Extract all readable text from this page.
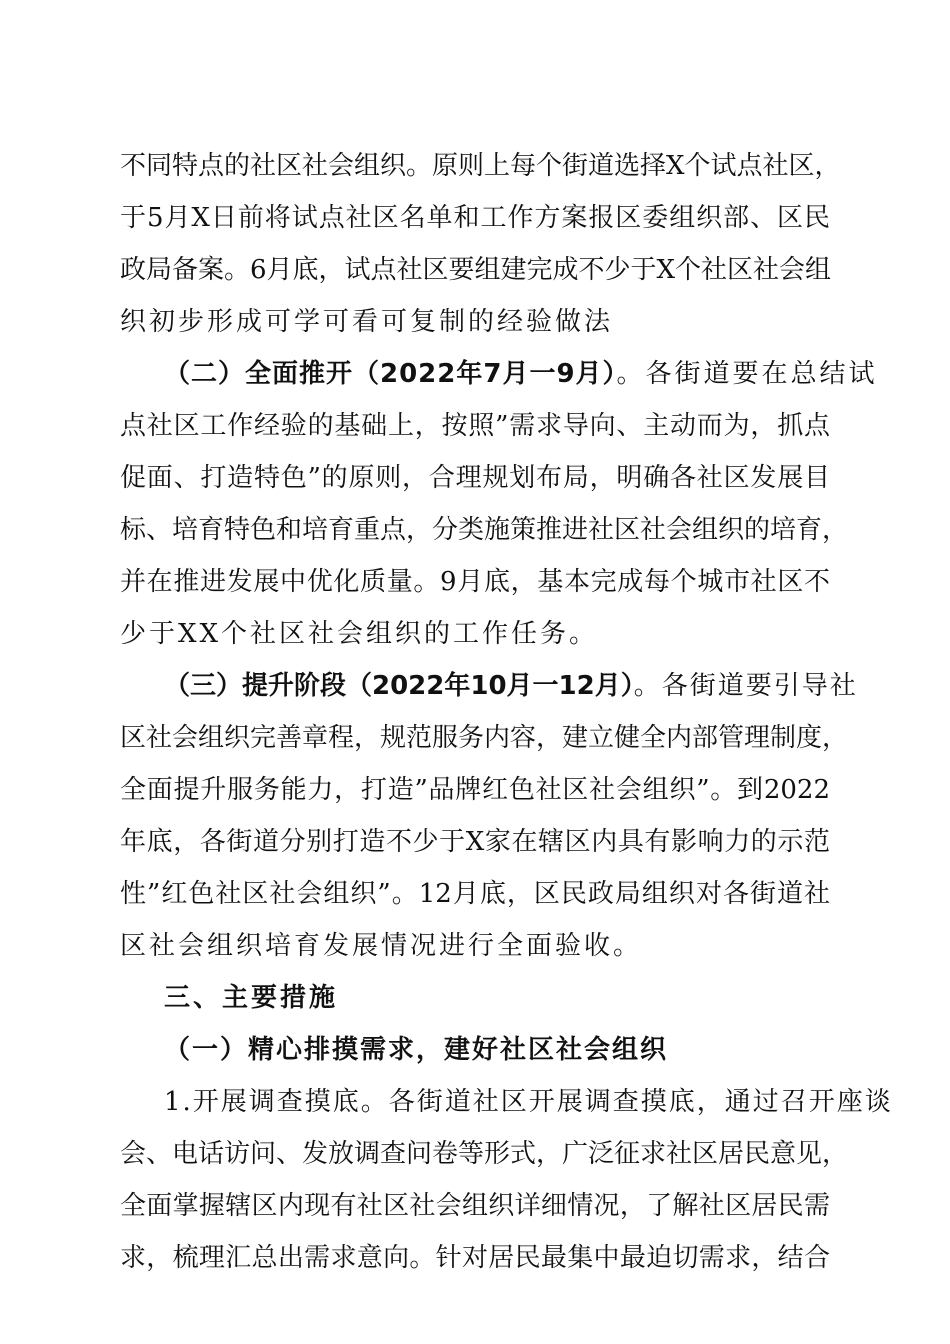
不同特点的社区社会组织。原则上每个街道选择X个试点社区，
于5月X日前将试点社区名单和工作方案报区委组织部、区民
政局备案。6月底，试点社区要组建完成不少于X个社区社会组
织初步形成可学可看可复制的经验做法
（二）全面推开（2022年7月一9月）。各街道要在总结试
点社区工作经验的基础上，按照”需求导向、主动而为，抓点
促面、打造特色”的原则，合理规划布局，明确各社区发展目
标、培育特色和培育重点，分类施策推进社区社会组织的培育，
并在推进发展中优化质量。9月底，基本完成每个城市社区不
少于XX个社区社会组织的工作任务。
（三）提升阶段（2022年10月一12月）。各街道要引导社
区社会组织完善章程，规范服务内容，建立健全内部管理制度，
全面提升服务能力，打造”品牌红色社区社会组织”。到2022
年底，各街道分别打造不少于X家在辖区内具有影响力的示范
性”红色社区社会组织”。12月底，区民政局组织对各街道社
区社会组织培育发展情况进行全面验收。
三、主要措施
（一）精心排摸需求，建好社区社会组织
1.开展调查摸底。各街道社区开展调查摸底，通过召开座谈
会、电话访问、发放调查问卷等形式，广泛征求社区居民意见，
全面掌握辖区内现有社区社会组织详细情况，了解社区居民需
求，梳理汇总出需求意向。针对居民最集中最迫切需求，结合
